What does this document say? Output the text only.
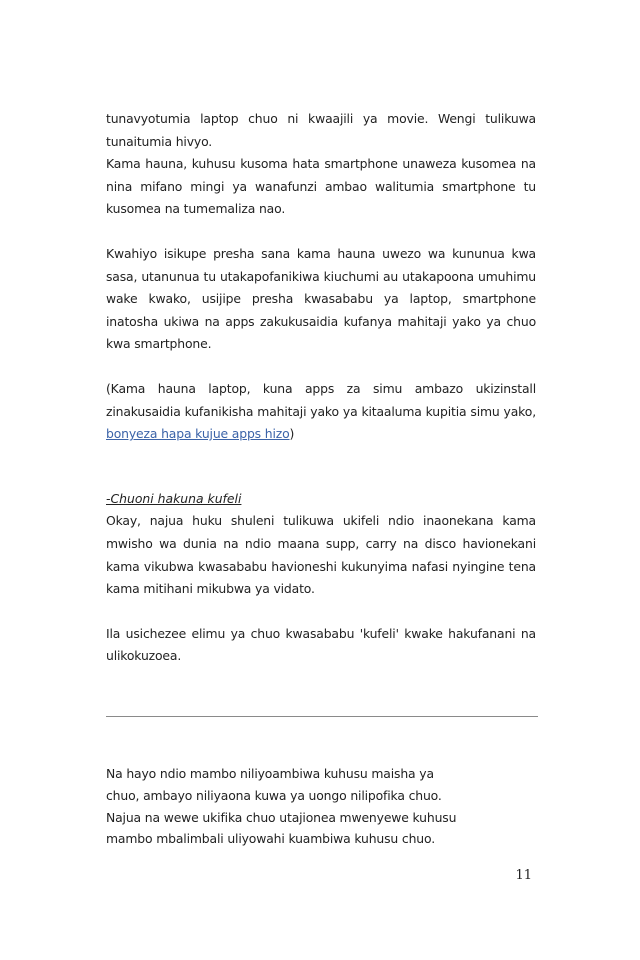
tunavyotumia laptop chuo ni kwaajili ya movie. Wengi tulikuwa tunaitumia hivyo.

Kama hauna, kuhusu kusoma hata smartphone unaweza kusomea na nina mifano mingi ya wanafunzi ambao walitumia smartphone tu kusomea na tumemaliza nao.

Kwahiyo isikupe presha sana kama hauna uwezo wa kununua kwa sasa, utanunua tu utakapofanikiwa kiuchumi au utakapoona umuhimu wake kwako, usijipe presha kwasababu ya laptop, smartphone inatosha ukiwa na apps zakukusaidia kufanya mahitaji yako ya chuo kwa smartphone.

(Kama hauna laptop, kuna apps za simu ambazo ukizinstall zinakusaidia kufanikisha mahitaji yako ya kitaaluma kupitia simu yako, bonyeza hapa kujue apps hizo)

-Chuoni hakuna kufeli

Okay, najua huku shuleni tulikuwa ukifeli ndio inaonekana kama mwisho wa dunia na ndio maana supp, carry na disco havionekani kama vikubwa kwasababu havioneshi kukunyima nafasi nyingine tena kama mitihani mikubwa ya vidato.

Ila usichezee elimu ya chuo kwasababu 'kufeli' kwake hakufanani na ulikokuzoea.

Na hayo ndio mambo niliyoambiwa kuhusu maisha ya

chuo, ambayo niliyaona kuwa ya uongo nilipofika chuo.

Najua na wewe ukifika chuo utajionea mwenyewe kuhusu

mambo mbalimbali uliyowahi kuambiwa kuhusu chuo.

11
